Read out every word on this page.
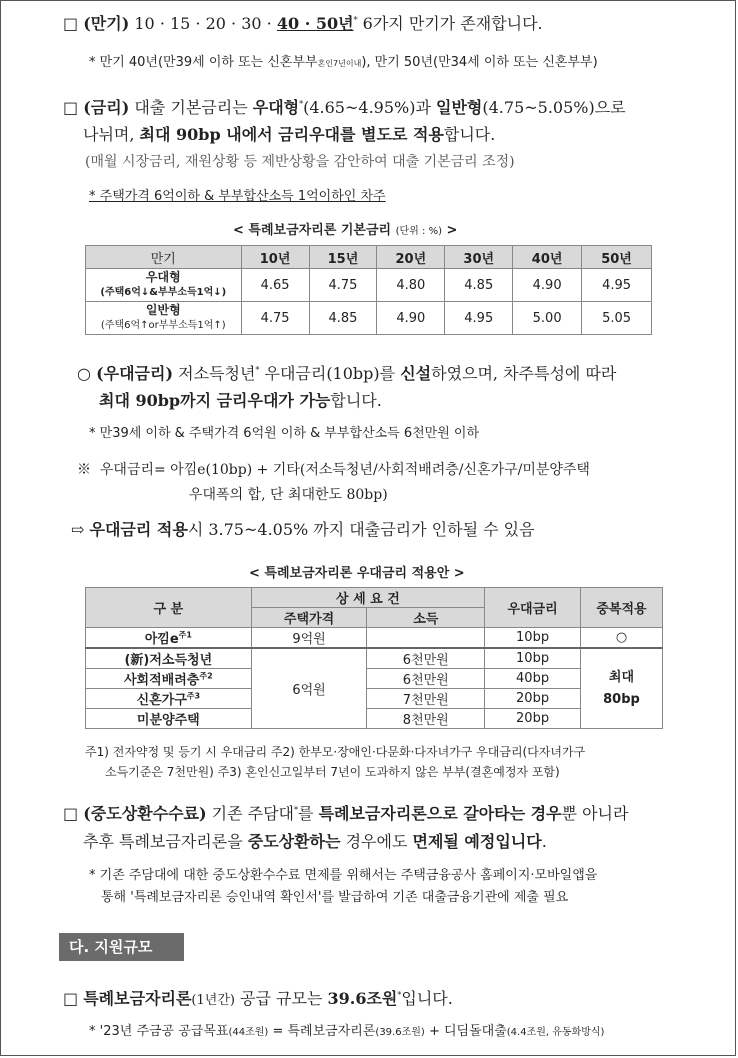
□ (만기) 10 · 15 · 20 · 30 · 40 · 50년* 6가지 만기가 존재합니다.
* 만기 40년(만39세 이하 또는 신혼부부혼인7년이내), 만기 50년(만34세 이하 또는 신혼부부)
□ (금리) 대출 기본금리는 우대형*(4.65~4.95%)과 일반형(4.75~5.05%)으로
나뉘며, 최대 90bp 내에서 금리우대를 별도로 적용합니다.
(매월 시장금리, 재원상황 등 제반상황을 감안하여 대출 기본금리 조정)
* 주택가격 6억이하 & 부부합산소득 1억이하인 차주
< 특례보금자리론 기본금리 (단위 : %) >
만기	10년	15년	20년	30년	40년	50년
우대형
(주택6억↓&부부소득1억↓)	4.65	4.75	4.80	4.85	4.90	4.95
일반형
(주택6억↑or부부소득1억↑)	4.75	4.85	4.90	4.95	5.00	5.05
○ (우대금리) 저소득청년* 우대금리(10bp)를 신설하였으며, 차주특성에 따라
최대 90bp까지 금리우대가 가능합니다.
* 만39세 이하 & 주택가격 6억원 이하 & 부부합산소득 6천만원 이하
※ 우대금리= 아낌e(10bp) + 기타(저소득청년/사회적배려층/신혼가구/미분양주택
우대폭의 합, 단 최대한도 80bp)
⇨ 우대금리 적용시 3.75~4.05% 까지 대출금리가 인하될 수 있음
< 특례보금자리론 우대금리 적용안 >
구 분	상 세 요 건		우대금리	중복적용
	주택가격	소득		
아낌$e^{주1}$	9억원		10bp	○
(新)저소득청년	6억원	6천만원	10bp	최대 80bp
사회적배려층$^{주2}$		6천만원	40bp	
신혼가구$^{주3}$		7천만원	20bp	
미분양주택		8천만원	20bp	
주1) 전자약정 및 등기 시 우대금리 주2) 한부모·장애인·다문화·다자녀가구 우대금리(다자녀가구
소득기준은 7천만원) 주3) 혼인신고일부터 7년이 도과하지 않은 부부(결혼예정자 포함)
□ (중도상환수수료) 기존 주담대*를 특례보금자리론으로 갈아타는 경우뿐 아니라
추후 특례보금자리론을 중도상환하는 경우에도 면제될 예정입니다.
* 기존 주담대에 대한 중도상환수수료 면제를 위해서는 주택금융공사 홈페이지·모바일앱을
통해 '특례보금자리론 승인내역 확인서'를 발급하여 기존 대출금융기관에 제출 필요
다. 지원규모
□ 특례보금자리론(1년간) 공급 규모는 39.6조원*입니다.
* '23년 주금공 공급목표(44조원) = 특례보금자리론(39.6조원) + 디딤돌대출(4.4조원, 유동화방식)
